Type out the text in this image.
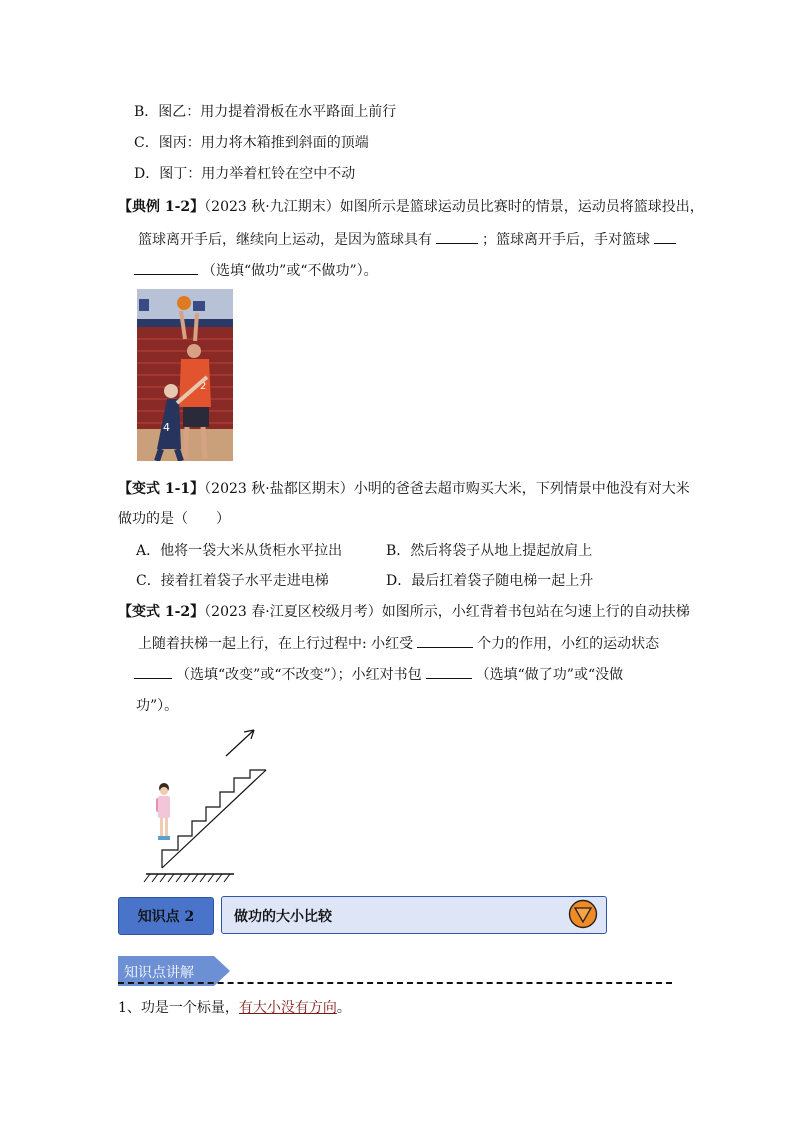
B．图乙：用力提着滑板在水平路面上前行
C．图丙：用力将木箱推到斜面的顶端
D．图丁：用力举着杠铃在空中不动
【典例 1-2】（2023 秋·九江期末）如图所示是篮球运动员比赛时的情景，运动员将篮球投出，
篮球离开手后，继续向上运动，是因为篮球具有	；篮球离开手后，手对篮球
（选填“做功”或“不做功”）。
2
4
【变式 1-1】（2023 秋·盐都区期末）小明的爸爸去超市购买大米，下列情景中他没有对大米
做功的是（　　）
A．他将一袋大米从货柜水平拉出	B．然后将袋子从地上提起放肩上
C．接着扛着袋子水平走进电梯	D．最后扛着袋子随电梯一起上升
【变式 1-2】（2023 春·江夏区校级月考）如图所示，小红背着书包站在匀速上行的自动扶梯
上随着扶梯一起上行，在上行过程中: 小红受	个力的作用，小红的运动状态
（选填“改变”或“不改变”）；小红对书包	（选填“做了功”或“没做
功”）。
知识点 2	做功的大小比较
知识点讲解
1、功是一个标量，有大小没有方向。
